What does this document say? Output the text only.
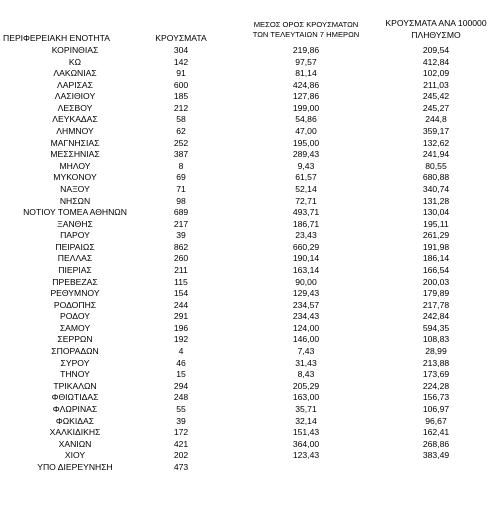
ΠΕΡΙΦΕΡΕΙΑΚΗ ΕΝΟΤΗΤΑ	ΚΡΟΥΣΜΑΤΑ
ΜΕΣΟΣ ΟΡΟΣ ΚΡΟΥΣΜΑΤΩΝ
ΤΩΝ ΤΕΛΕΥΤΑΙΩΝ 7 ΗΜΕΡΩΝ
ΚΡΟΥΣΜΑΤΑ ΑΝΑ 100000
ΠΛΗΘΥΣΜΟ
ΚΟΡΙΝΘΙΑΣ	304	219,86	209,54
ΚΩ	142	97,57	412,84
ΛΑΚΩΝΙΑΣ	91	81,14	102,09
ΛΑΡΙΣΑΣ	600	424,86	211,03
ΛΑΣΙΘΙΟΥ	185	127,86	245,42
ΛΕΣΒΟΥ	212	199,00	245,27
ΛΕΥΚΑΔΑΣ	58	54,86	244,8
ΛΗΜΝΟΥ	62	47,00	359,17
ΜΑΓΝΗΣΙΑΣ	252	195,00	132,62
ΜΕΣΣΗΝΙΑΣ	387	289,43	241,94
ΜΗΛΟΥ	8	9,43	80,55
ΜΥΚΟΝΟΥ	69	61,57	680,88
ΝΑΞΟΥ	71	52,14	340,74
ΝΗΣΩΝ	98	72,71	131,28
ΝΟΤΙΟΥ ΤΟΜΕΑ ΑΘΗΝΩΝ	689	493,71	130,04
ΞΑΝΘΗΣ	217	186,71	195,11
ΠΑΡΟΥ	39	23,43	261,29
ΠΕΙΡΑΙΩΣ	862	660,29	191,98
ΠΕΛΛΑΣ	260	190,14	186,14
ΠΙΕΡΙΑΣ	211	163,14	166,54
ΠΡΕΒΕΖΑΣ	115	90,00	200,03
ΡΕΘΥΜΝΟΥ	154	129,43	179,89
ΡΟΔΟΠΗΣ	244	234,57	217,78
ΡΟΔΟΥ	291	234,43	242,84
ΣΑΜΟΥ	196	124,00	594,35
ΣΕΡΡΩΝ	192	146,00	108,83
ΣΠΟΡΑΔΩΝ	4	7,43	28,99
ΣΥΡΟΥ	46	31,43	213,88
ΤΗΝΟΥ	15	8,43	173,69
ΤΡΙΚΑΛΩΝ	294	205,29	224,28
ΦΘΙΩΤΙΔΑΣ	248	163,00	156,73
ΦΛΩΡΙΝΑΣ	55	35,71	106,97
ΦΩΚΙΔΑΣ	39	32,14	96,67
ΧΑΛΚΙΔΙΚΗΣ	172	151,43	162,41
ΧΑΝΙΩΝ	421	364,00	268,86
ΧΙΟΥ	202	123,43	383,49
ΥΠΟ ΔΙΕΡΕΥΝΗΣΗ	473
